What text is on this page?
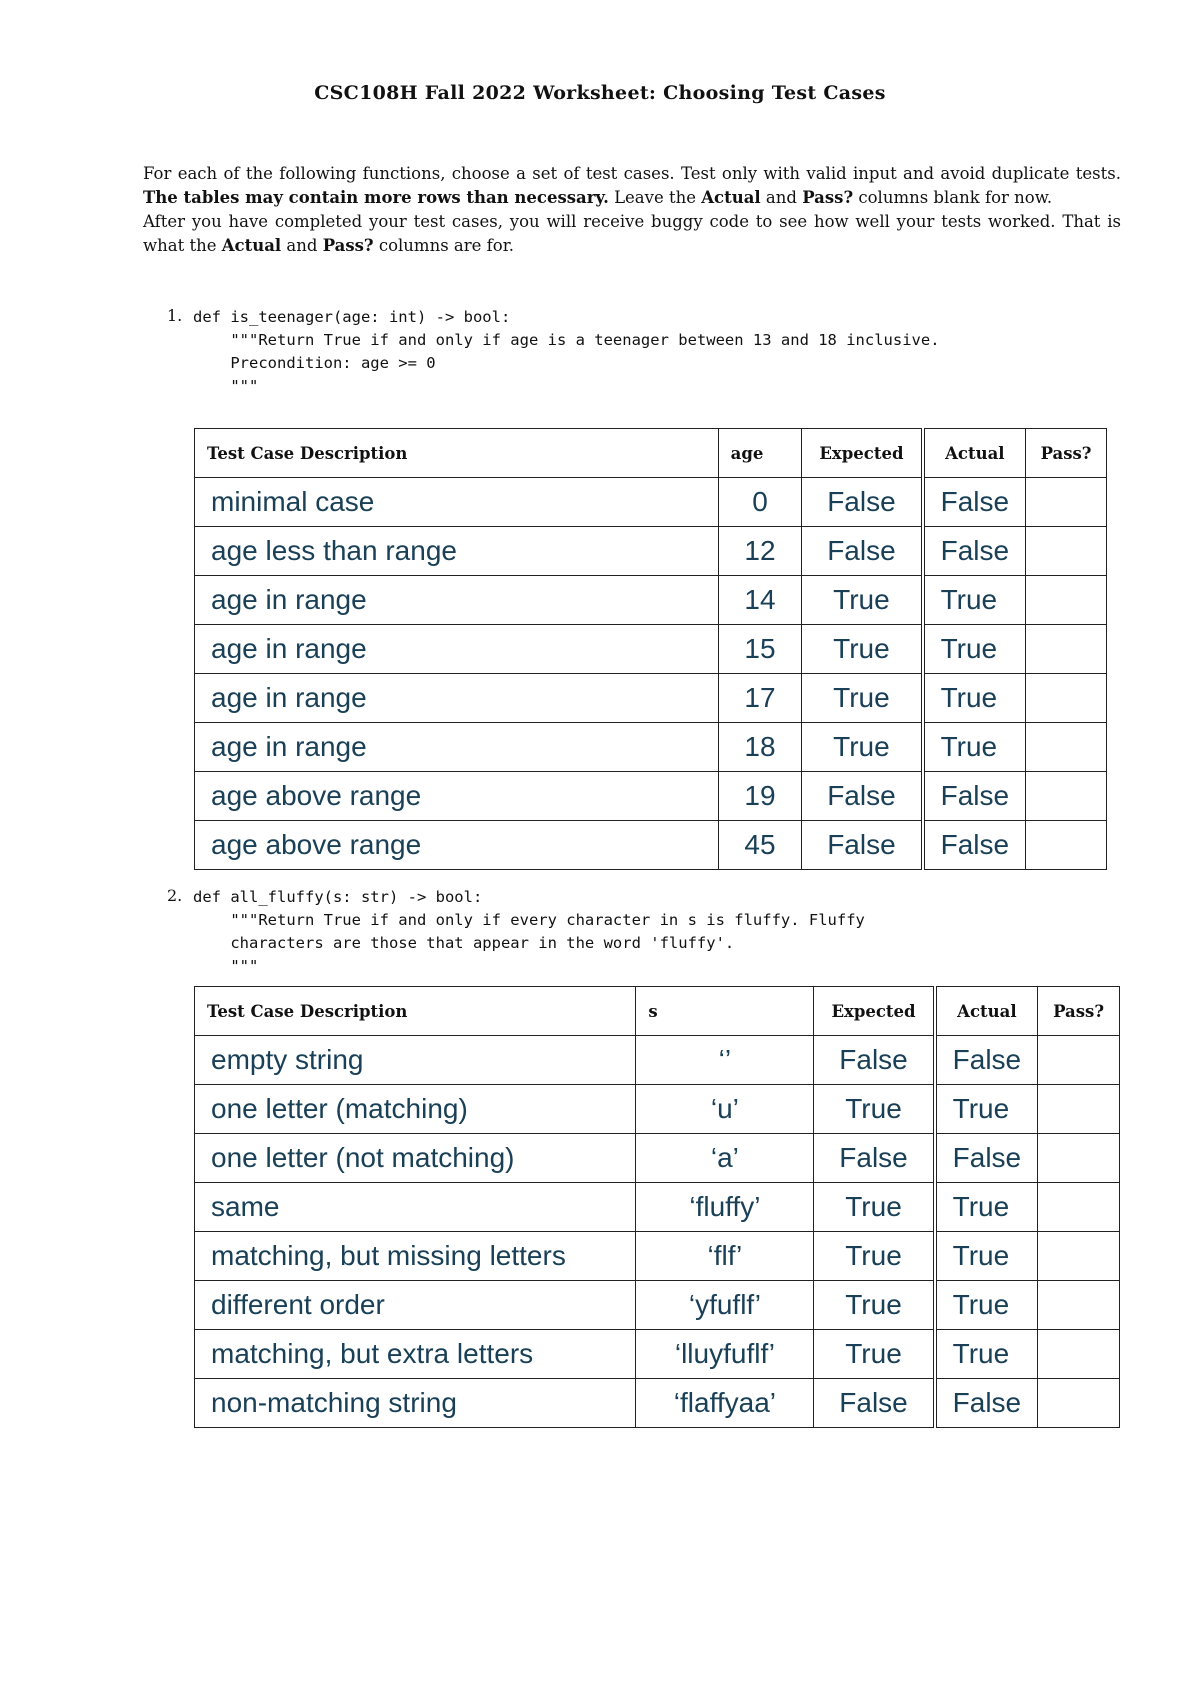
CSC108H Fall 2022 Worksheet: Choosing Test Cases

For each of the following functions, choose a set of test cases. Test only with valid input and avoid duplicate tests. The tables may contain more rows than necessary. Leave the Actual and Pass? columns blank for now.

After you have completed your test cases, you will receive buggy code to see how well your tests worked. That is what the Actual and Pass? columns are for.

1. def is_teenager(age: int) -> bool:
"""Return True if and only if age is a teenager between 13 and 18 inclusive.
Precondition: age >= 0
"""
Test Case Description	age	Expected	Actual	Pass?
minimal case	0	False	False	
age less than range	12	False	False	
age in range	14	True	True	
age in range	15	True	True	
age in range	17	True	True	
age in range	18	True	True	
age above range	19	False	False	
age above range	45	False	False	
2. def all_fluffy(s: str) -> bool:
"""Return True if and only if every character in s is fluffy. Fluffy
characters are those that appear in the word 'fluffy'.
"""
Test Case Description	s	Expected	Actual	Pass?
empty string	‘’	False	False	
one letter (matching)	‘u’	True	True	
one letter (not matching)	‘a’	False	False	
same	‘fluffy’	True	True	
matching, but missing letters	‘flf’	True	True	
different order	‘yfuflf’	True	True	
matching, but extra letters	‘lluyfuflf’	True	True	
non-matching string	‘flaffyaa’	False	False	
